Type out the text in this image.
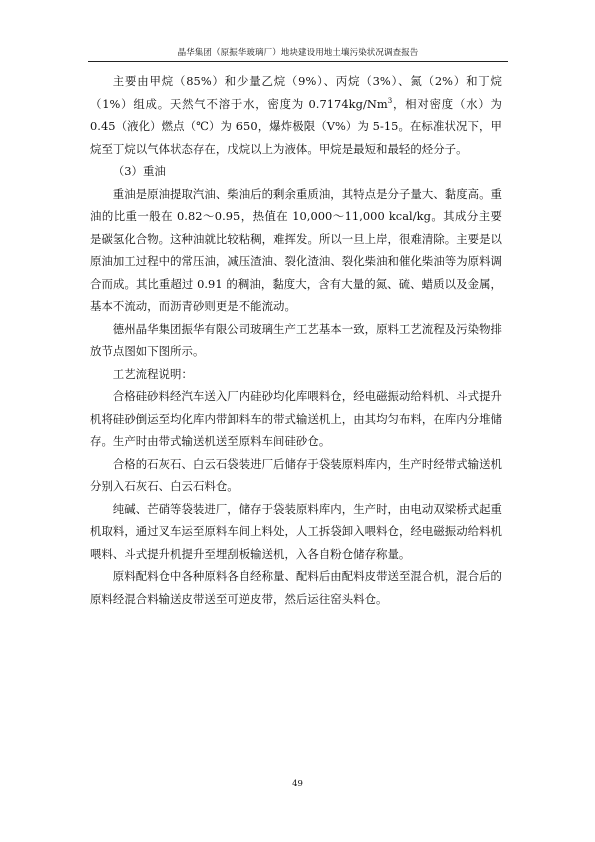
晶华集团（原振华玻璃厂）地块建设用地土壤污染状况调查报告

主要由甲烷（85%）和少量乙烷（9%）、丙烷（3%）、氮（2%）和丁烷（1%）组成。天然气不溶于水，密度为 0.7174kg/Nm$^3$，相对密度（水）为 0.45（液化）燃点（℃）为 650，爆炸极限（V%）为 5-15。在标准状况下，甲烷至丁烷以气体状态存在，戊烷以上为液体。甲烷是最短和最轻的烃分子。

（3）重油

重油是原油提取汽油、柴油后的剩余重质油，其特点是分子量大、黏度高。重油的比重一般在 0.82～0.95，热值在 10,000～11,000 kcal/kg。其成分主要是碳氢化合物。这种油就比较粘稠，难挥发。所以一旦上岸，很难清除。主要是以原油加工过程中的常压油，减压渣油、裂化渣油、裂化柴油和催化柴油等为原料调合而成。其比重超过 0.91 的稠油，黏度大，含有大量的氮、硫、蜡质以及金属，基本不流动，而沥青砂则更是不能流动。

德州晶华集团振华有限公司玻璃生产工艺基本一致，原料工艺流程及污染物排放节点图如下图所示。

工艺流程说明：

合格硅砂料经汽车送入厂内硅砂均化库喂料仓，经电磁振动给料机、斗式提升机将硅砂倒运至均化库内带卸料车的带式输送机上，由其均匀布料，在库内分堆储存。生产时由带式输送机送至原料车间硅砂仓。

合格的石灰石、白云石袋装进厂后储存于袋装原料库内，生产时经带式输送机分别入石灰石、白云石料仓。

纯碱、芒硝等袋装进厂，储存于袋装原料库内，生产时，由电动双梁桥式起重机取料，通过叉车运至原料车间上料处，人工拆袋卸入喂料仓，经电磁振动给料机喂料、斗式提升机提升至埋刮板输送机，入各自粉仓储存称量。

原料配料仓中各种原料各自经称量、配料后由配料皮带送至混合机，混合后的原料经混合料输送皮带送至可逆皮带，然后运往窑头料仓。

49
